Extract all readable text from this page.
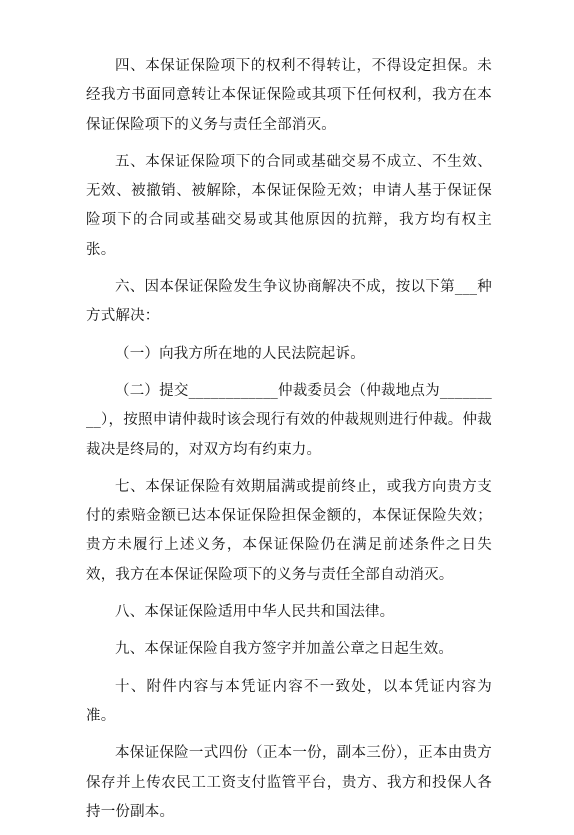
四、本保证保险项下的权利不得转让，不得设定担保。未经我方书面同意转让本保证保险或其项下任何权利，我方在本保证保险项下的义务与责任全部消灭。

五、本保证保险项下的合同或基础交易不成立、不生效、无效、被撤销、被解除，本保证保险无效；申请人基于保证保险项下的合同或基础交易或其他原因的抗辩，我方均有权主张。

六、因本保证保险发生争议协商解决不成，按以下第___种方式解决：

（一）向我方所在地的人民法院起诉。

（二）提交____________仲裁委员会（仲裁地点为_________），按照申请仲裁时该会现行有效的仲裁规则进行仲裁。仲裁裁决是终局的，对双方均有约束力。

七、本保证保险有效期届满或提前终止，或我方向贵方支付的索赔金额已达本保证保险担保金额的，本保证保险失效；贵方未履行上述义务，本保证保险仍在满足前述条件之日失效，我方在本保证保险项下的义务与责任全部自动消灭。

八、本保证保险适用中华人民共和国法律。

九、本保证保险自我方签字并加盖公章之日起生效。

十、附件内容与本凭证内容不一致处，以本凭证内容为准。

本保证保险一式四份（正本一份，副本三份），正本由贵方保存并上传农民工工资支付监管平台，贵方、我方和投保人各持一份副本。
